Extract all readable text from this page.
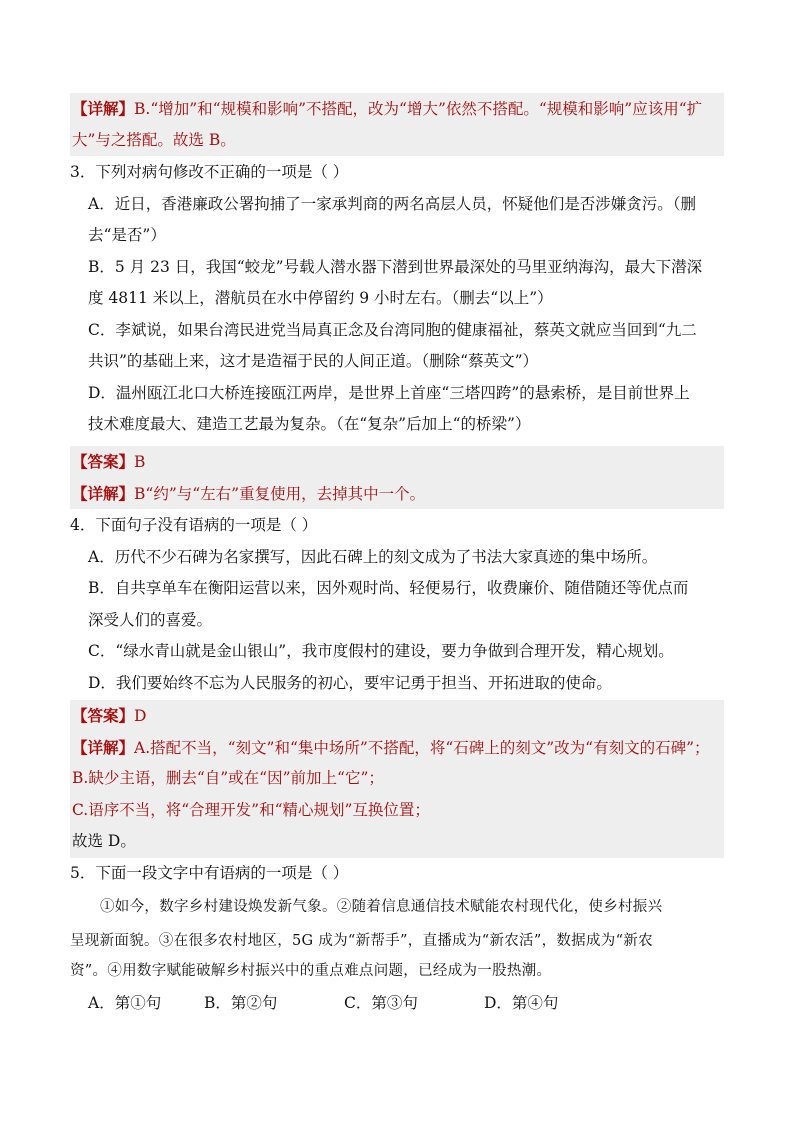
【详解】B.“增加”和“规模和影响”不搭配，改为“增大”依然不搭配。“规模和影响”应该用“扩
大”与之搭配。故选 B。
3．下列对病句修改不正确的一项是（ ）
A．近日，香港廉政公署拘捕了一家承判商的两名高层人员，怀疑他们是否涉嫌贪污。（删
去“是否”）
B．5 月 23 日，我国“蛟龙”号载人潜水器下潜到世界最深处的马里亚纳海沟，最大下潜深
度 4811 米以上，潜航员在水中停留约 9 小时左右。（删去“以上”）
C．李斌说，如果台湾民进党当局真正念及台湾同胞的健康福祉，蔡英文就应当回到“九二
共识”的基础上来，这才是造福于民的人间正道。（删除“蔡英文”）
D．温州瓯江北口大桥连接瓯江两岸，是世界上首座“三塔四跨”的悬索桥，是目前世界上
技术难度最大、建造工艺最为复杂。（在“复杂”后加上“的桥梁”）
【答案】B
【详解】B“约”与“左右”重复使用，去掉其中一个。
4．下面句子没有语病的一项是（ ）
A．历代不少石碑为名家撰写，因此石碑上的刻文成为了书法大家真迹的集中场所。
B．自共享单车在衡阳运营以来，因外观时尚、轻便易行，收费廉价、随借随还等优点而
深受人们的喜爱。
C．“绿水青山就是金山银山”，我市度假村的建设，要力争做到合理开发，精心规划。
D．我们要始终不忘为人民服务的初心，要牢记勇于担当、开拓进取的使命。
【答案】D
【详解】A.搭配不当，“刻文”和“集中场所”不搭配，将“石碑上的刻文”改为“有刻文的石碑”；
B.缺少主语，删去“自”或在“因”前加上“它”；
C.语序不当，将“合理开发”和“精心规划”互换位置；
故选 D。
5．下面一段文字中有语病的一项是（ ）
①如今，数字乡村建设焕发新气象。②随着信息通信技术赋能农村现代化，使乡村振兴
呈现新面貌。③在很多农村地区，5G 成为“新帮手”，直播成为“新农活”，数据成为“新农
资”。④用数字赋能破解乡村振兴中的重点难点问题，已经成为一股热潮。
A．第①句	B．第②句	C．第③句	D．第④句
